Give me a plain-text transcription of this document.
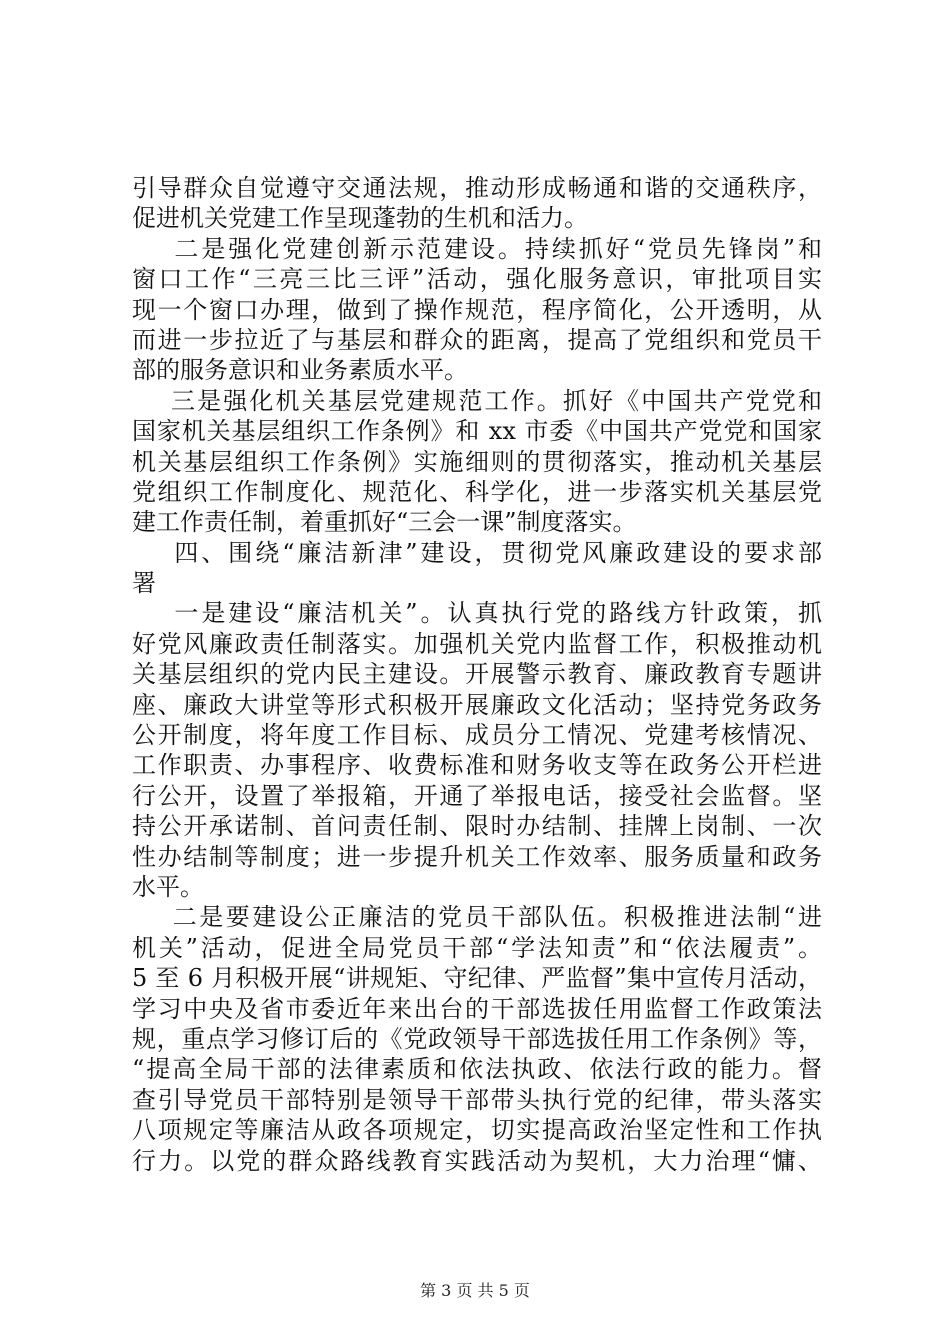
引导群众自觉遵守交通法规，推动形成畅通和谐的交通秩序，
促进机关党建工作呈现蓬勃的生机和活力。
二是强化党建创新示范建设。持续抓好“党员先锋岗”和
窗口工作“三亮三比三评”活动，强化服务意识，审批项目实
现一个窗口办理，做到了操作规范，程序简化，公开透明，从
而进一步拉近了与基层和群众的距离，提高了党组织和党员干
部的服务意识和业务素质水平。
三是强化机关基层党建规范工作。抓好《中国共产党党和
国家机关基层组织工作条例》和 xx 市委《中国共产党党和国家
机关基层组织工作条例》实施细则的贯彻落实，推动机关基层
党组织工作制度化、规范化、科学化，进一步落实机关基层党
建工作责任制，着重抓好“三会一课”制度落实。
四、围绕“廉洁新津”建设，贯彻党风廉政建设的要求部
署
一是建设“廉洁机关”。认真执行党的路线方针政策，抓
好党风廉政责任制落实。加强机关党内监督工作，积极推动机
关基层组织的党内民主建设。开展警示教育、廉政教育专题讲
座、廉政大讲堂等形式积极开展廉政文化活动；坚持党务政务
公开制度，将年度工作目标、成员分工情况、党建考核情况、
工作职责、办事程序、收费标准和财务收支等在政务公开栏进
行公开，设置了举报箱，开通了举报电话，接受社会监督。坚
持公开承诺制、首问责任制、限时办结制、挂牌上岗制、一次
性办结制等制度；进一步提升机关工作效率、服务质量和政务
水平。
二是要建设公正廉洁的党员干部队伍。积极推进法制“进
机关”活动，促进全局党员干部“学法知责”和“依法履责”。
5 至 6 月积极开展“讲规矩、守纪律、严监督”集中宣传月活动，
学习中央及省市委近年来出台的干部选拔任用监督工作政策法
规，重点学习修订后的《党政领导干部选拔任用工作条例》等，
“提高全局干部的法律素质和依法执政、依法行政的能力。督
查引导党员干部特别是领导干部带头执行党的纪律，带头落实
八项规定等廉洁从政各项规定，切实提高政治坚定性和工作执
行力。以党的群众路线教育实践活动为契机，大力治理“慵、
第 3 页 共 5 页
